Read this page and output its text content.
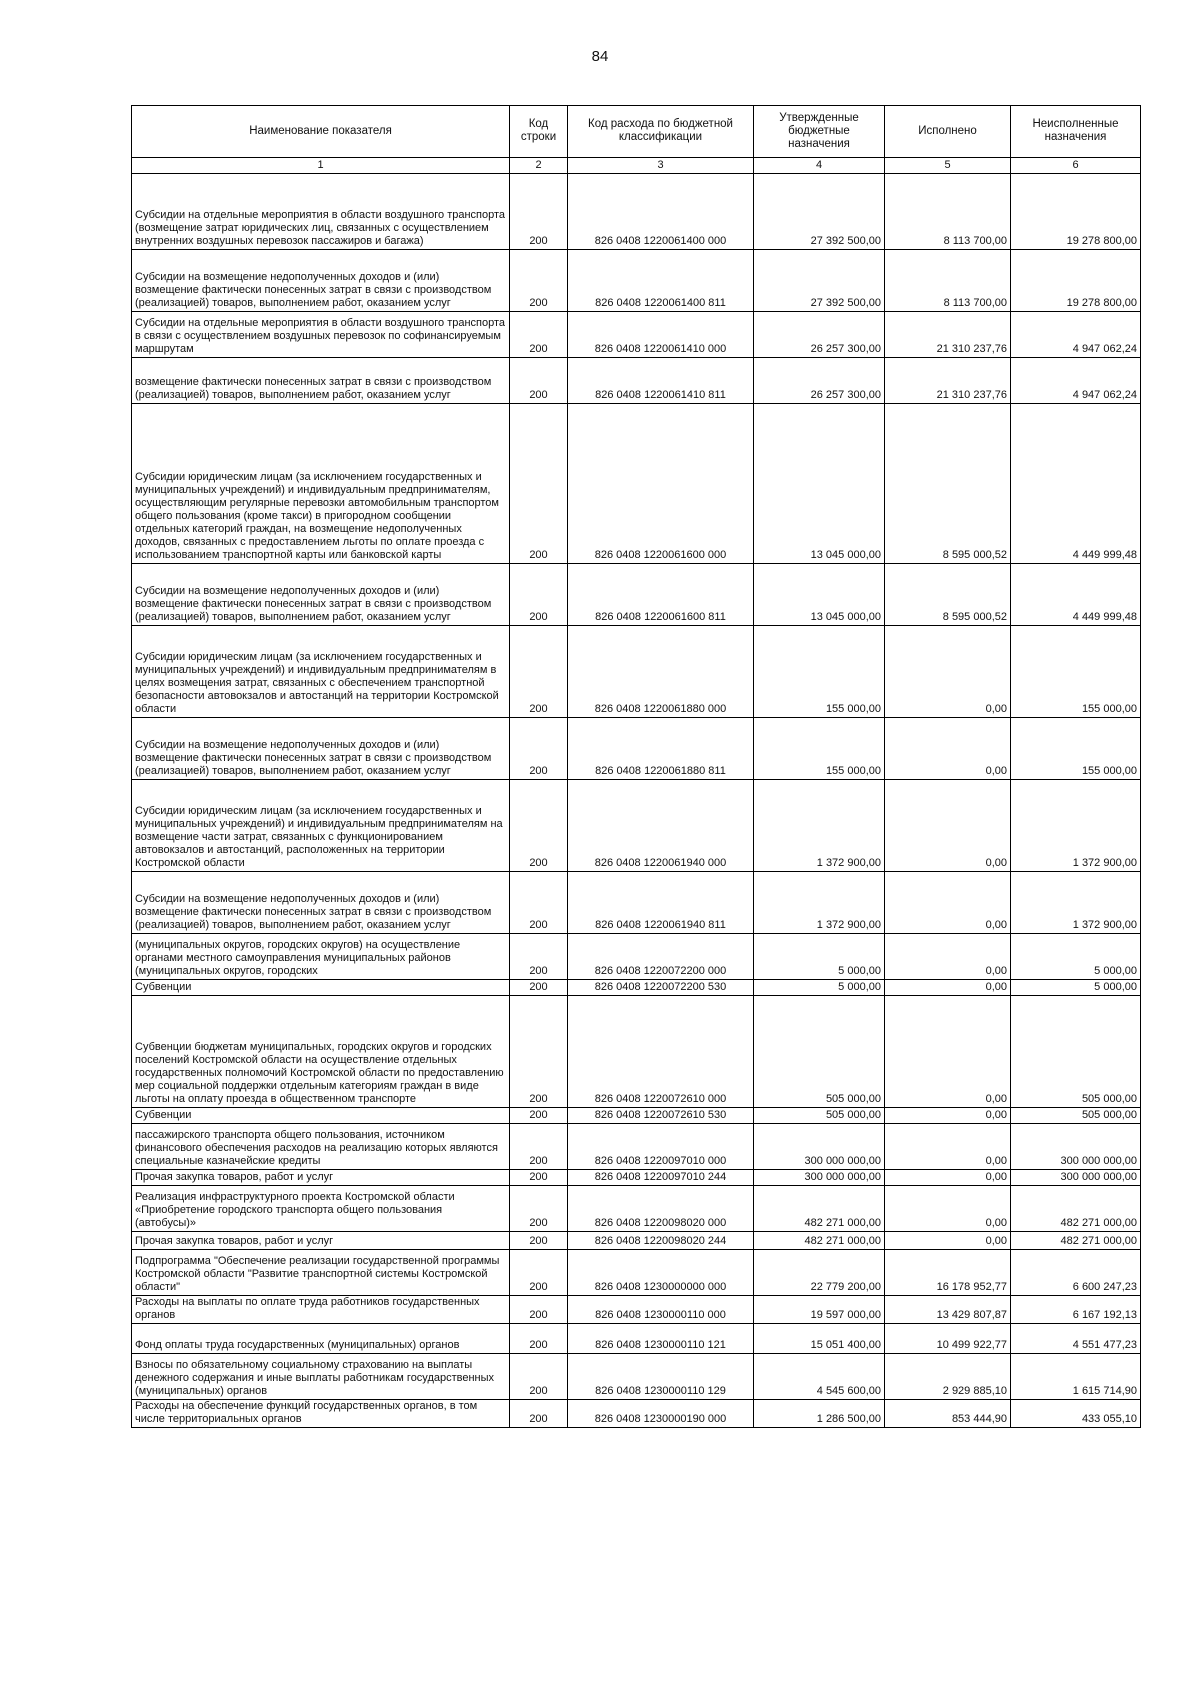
84
Наименование показателя	Код строки	Код расхода по бюджетной классификации	Утвержденные бюджетные назначения	Исполнено	Неисполненные назначения
1	2	3	4	5	6
Субсидии на отдельные мероприятия в области воздушного транспорта (возмещение затрат юридических лиц, связанных с осуществлением внутренних воздушных перевозок пассажиров и багажа)	200	826 0408 1220061400 000	27 392 500,00	8 113 700,00	19 278 800,00
Субсидии на возмещение недополученных доходов и (или) возмещение фактически понесенных затрат в связи с производством (реализацией) товаров, выполнением работ, оказанием услуг	200	826 0408 1220061400 811	27 392 500,00	8 113 700,00	19 278 800,00
Субсидии на отдельные мероприятия в области воздушного транспорта в связи с осуществлением воздушных перевозок по софинансируемым маршрутам	200	826 0408 1220061410 000	26 257 300,00	21 310 237,76	4 947 062,24
возмещение фактически понесенных затрат в связи с производством (реализацией) товаров, выполнением работ, оказанием услуг	200	826 0408 1220061410 811	26 257 300,00	21 310 237,76	4 947 062,24
Субсидии юридическим лицам (за исключением государственных и муниципальных учреждений) и индивидуальным предпринимателям, осуществляющим регулярные перевозки автомобильным транспортом общего пользования (кроме такси) в пригородном сообщении отдельных категорий граждан, на возмещение недополученных доходов, связанных с предоставлением льготы по оплате проезда с использованием транспортной карты или банковской карты	200	826 0408 1220061600 000	13 045 000,00	8 595 000,52	4 449 999,48
Субсидии на возмещение недополученных доходов и (или) возмещение фактически понесенных затрат в связи с производством (реализацией) товаров, выполнением работ, оказанием услуг	200	826 0408 1220061600 811	13 045 000,00	8 595 000,52	4 449 999,48
Субсидии юридическим лицам (за исключением государственных и муниципальных учреждений) и индивидуальным предпринимателям в целях возмещения затрат, связанных с обеспечением транспортной безопасности автовокзалов и автостанций на территории Костромской области	200	826 0408 1220061880 000	155 000,00	0,00	155 000,00
Субсидии на возмещение недополученных доходов и (или) возмещение фактически понесенных затрат в связи с производством (реализацией) товаров, выполнением работ, оказанием услуг	200	826 0408 1220061880 811	155 000,00	0,00	155 000,00
Субсидии юридическим лицам (за исключением государственных и муниципальных учреждений) и индивидуальным предпринимателям на возмещение части затрат, связанных с функционированием автовокзалов и автостанций, расположенных на территории Костромской области	200	826 0408 1220061940 000	1 372 900,00	0,00	1 372 900,00
Субсидии на возмещение недополученных доходов и (или) возмещение фактически понесенных затрат в связи с производством (реализацией) товаров, выполнением работ, оказанием услуг	200	826 0408 1220061940 811	1 372 900,00	0,00	1 372 900,00
(муниципальных округов, городских округов) на осуществление органами местного самоуправления муниципальных районов (муниципальных округов, городских	200	826 0408 1220072200 000	5 000,00	0,00	5 000,00
Субвенции	200	826 0408 1220072200 530	5 000,00	0,00	5 000,00
Субвенции бюджетам муниципальных, городских округов и городских поселений Костромской области на осуществление отдельных государственных полномочий Костромской области по предоставлению мер социальной поддержки отдельным категориям граждан в виде льготы на оплату проезда в общественном транспорте	200	826 0408 1220072610 000	505 000,00	0,00	505 000,00
Субвенции	200	826 0408 1220072610 530	505 000,00	0,00	505 000,00
пассажирского транспорта общего пользования, источником финансового обеспечения расходов на реализацию которых являются специальные казначейские кредиты	200	826 0408 1220097010 000	300 000 000,00	0,00	300 000 000,00
Прочая закупка товаров, работ и услуг	200	826 0408 1220097010 244	300 000 000,00	0,00	300 000 000,00
Реализация инфраструктурного проекта Костромской области «Приобретение городского транспорта общего пользования (автобусы)»	200	826 0408 1220098020 000	482 271 000,00	0,00	482 271 000,00
Прочая закупка товаров, работ и услуг	200	826 0408 1220098020 244	482 271 000,00	0,00	482 271 000,00
Подпрограмма "Обеспечение реализации государственной программы Костромской области "Развитие транспортной системы Костромской области"	200	826 0408 1230000000 000	22 779 200,00	16 178 952,77	6 600 247,23
Расходы на выплаты по оплате труда работников государственных органов	200	826 0408 1230000110 000	19 597 000,00	13 429 807,87	6 167 192,13
Фонд оплаты труда государственных (муниципальных) органов	200	826 0408 1230000110 121	15 051 400,00	10 499 922,77	4 551 477,23
Взносы по обязательному социальному страхованию на выплаты денежного содержания и иные выплаты работникам государственных (муниципальных) органов	200	826 0408 1230000110 129	4 545 600,00	2 929 885,10	1 615 714,90
Расходы на обеспечение функций государственных органов, в том числе территориальных органов	200	826 0408 1230000190 000	1 286 500,00	853 444,90	433 055,10
